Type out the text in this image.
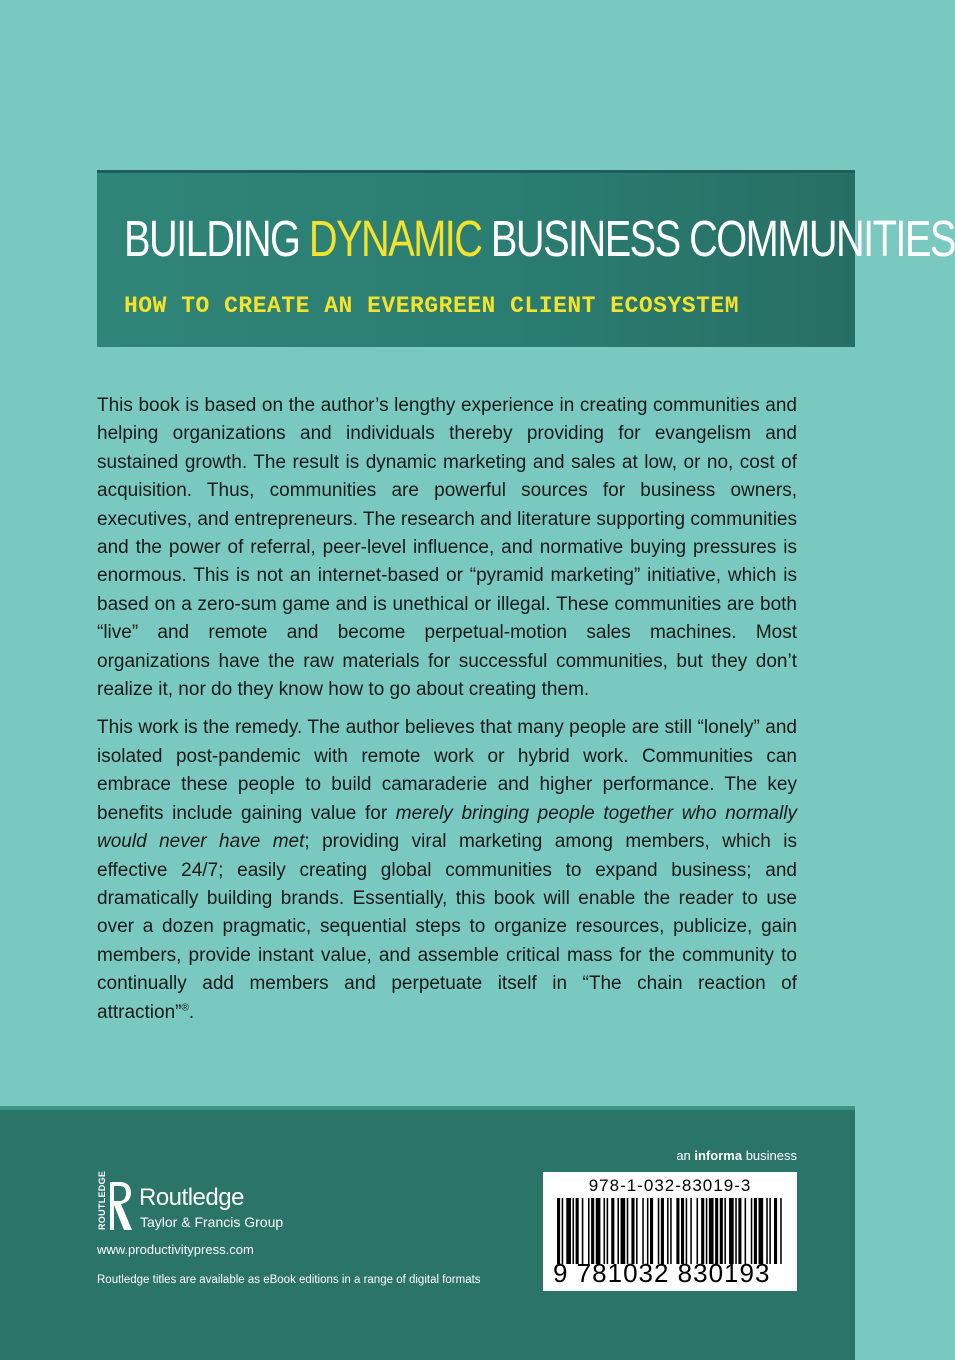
BUILDING DYNAMIC BUSINESS COMMUNITIES
HOW TO CREATE AN EVERGREEN CLIENT ECOSYSTEM

This book is based on the author’s lengthy experience in creating communities and helping organizations and individuals thereby providing for evangelism and sustained growth. The result is dynamic marketing and sales at low, or no, cost of acquisition. Thus, communities are powerful sources for business owners, executives, and entrepreneurs. The research and literature supporting communities and the power of referral, peer-level influence, and normative buying pressures is enormous. This is not an internet-based or “pyramid marketing” initiative, which is based on a zero-sum game and is unethical or illegal. These communities are both “live” and remote and become perpetual-motion sales machines. Most organizations have the raw materials for successful communities, but they don’t realize it, nor do they know how to go about creating them.

This work is the remedy. The author believes that many people are still “lonely” and isolated post-pandemic with remote work or hybrid work. Communities can embrace these people to build camaraderie and higher performance. The key benefits include gaining value for merely bringing people together who normally would never have met; providing viral marketing among members, which is effective 24/7; easily creating global communities to expand business; and dramatically building brands. Essentially, this book will enable the reader to use over a dozen pragmatic, sequential steps to organize resources, publicize, gain members, provide instant value, and assemble critical mass for the community to continually add members and perpetuate itself in “The chain reaction of attraction”®.

an informa business
ROUTLEDGE Routledge
Taylor & Francis Group
www.productivitypress.com
Routledge titles are available as eBook editions in a range of digital formats
978-1-032-83019-3
9 781032 830193
